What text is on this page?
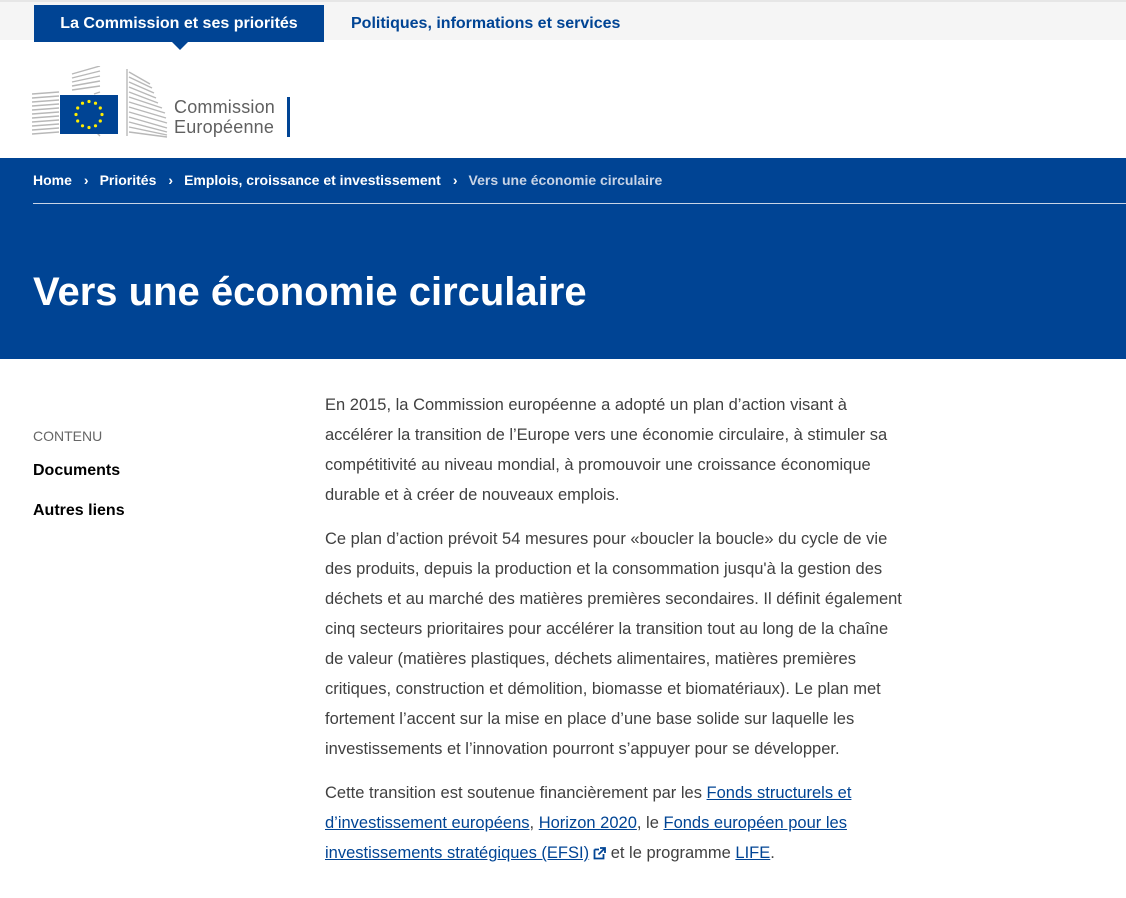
La Commission et ses priorités	Politiques, informations et services
Commission
Européenne
Home › Priorités › Emplois, croissance et investissement › Vers une économie circulaire
Vers une économie circulaire
CONTENU
Documents
Autres liens

En 2015, la Commission européenne a adopté un plan d’action visant à accélérer la transition de l’Europe vers une économie circulaire, à stimuler sa compétitivité au niveau mondial, à promouvoir une croissance économique durable et à créer de nouveaux emplois.

Ce plan d’action prévoit 54 mesures pour «boucler la boucle» du cycle de vie des produits, depuis la production et la consommation jusqu'à la gestion des déchets et au marché des matières premières secondaires. Il définit également cinq secteurs prioritaires pour accélérer la transition tout au long de la chaîne de valeur (matières plastiques, déchets alimentaires, matières premières critiques, construction et démolition, biomasse et biomatériaux). Le plan met fortement l’accent sur la mise en place d’une base solide sur laquelle les investissements et l’innovation pourront s’appuyer pour se développer.

Cette transition est soutenue financièrement par les Fonds structurels et d’investissement européens, Horizon 2020, le Fonds européen pour les investissements stratégiques (EFSI) et le programme LIFE.
